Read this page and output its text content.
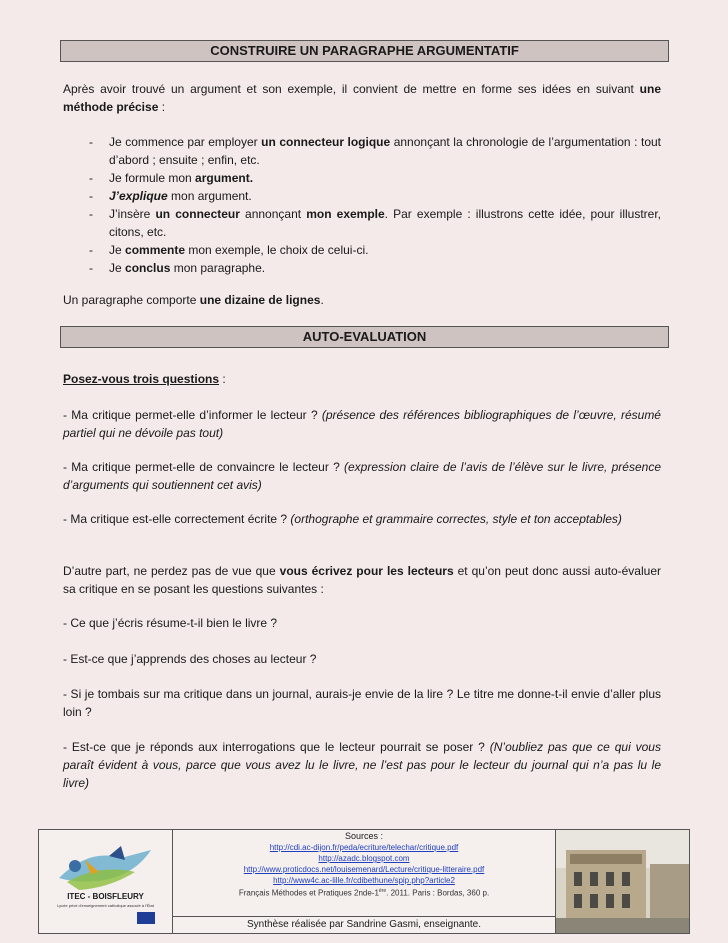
CONSTRUIRE UN PARAGRAPHE ARGUMENTATIF
Après avoir trouvé un argument et son exemple, il convient de mettre en forme ses idées en suivant une méthode précise :
- Je commence par employer un connecteur logique annonçant la chronologie de l’argumentation : tout d’abord ; ensuite ; enfin, etc.
- Je formule mon argument.
- J’explique mon argument.
- J’insère un connecteur annonçant mon exemple. Par exemple : illustrons cette idée, pour illustrer, citons, etc.
- Je commente mon exemple, le choix de celui-ci.
- Je conclus mon paragraphe.
Un paragraphe comporte une dizaine de lignes.
AUTO-EVALUATION
Posez-vous trois questions :
- Ma critique permet-elle d’informer le lecteur ? (présence des références bibliographiques de l’œuvre, résumé partiel qui ne dévoile pas tout)
- Ma critique permet-elle de convaincre le lecteur ? (expression claire de l’avis de l’élève sur le livre, présence d’arguments qui soutiennent cet avis)
- Ma critique est-elle correctement écrite ? (orthographe et grammaire correctes, style et ton acceptables)
D’autre part, ne perdez pas de vue que vous écrivez pour les lecteurs et qu’on peut donc aussi auto-évaluer sa critique en se posant les questions suivantes :
- Ce que j’écris résume-t-il bien le livre ?
- Est-ce que j’apprends des choses au lecteur ?
- Si je tombais sur ma critique dans un journal, aurais-je envie de la lire ? Le titre me donne-t-il envie d’aller plus loin ?
- Est-ce que je réponds aux interrogations que le lecteur pourrait se poser ? (N’oubliez pas que ce qui vous paraît évident à vous, parce que vous avez lu le livre, ne l’est pas pour le lecteur du journal qui n’a pas lu le livre)
ITEC - BOISFLEURY
Lycée privé d'enseignement catholique associé à l'État
Sources :
http://cdi.ac-dijon.fr/peda/ecriture/telechar/critique.pdf
http://azadc.blogspot.com
http://www.proticdocs.net/louisemenard/Lecture/critique-litteraire.pdf
http://www4c.ac-lille.fr/cdibethune/spip.php?article2
Français Méthodes et Pratiques 2nde-1ère. 2011. Paris : Bordas, 360 p.
Synthèse réalisée par Sandrine Gasmi, enseignante.
